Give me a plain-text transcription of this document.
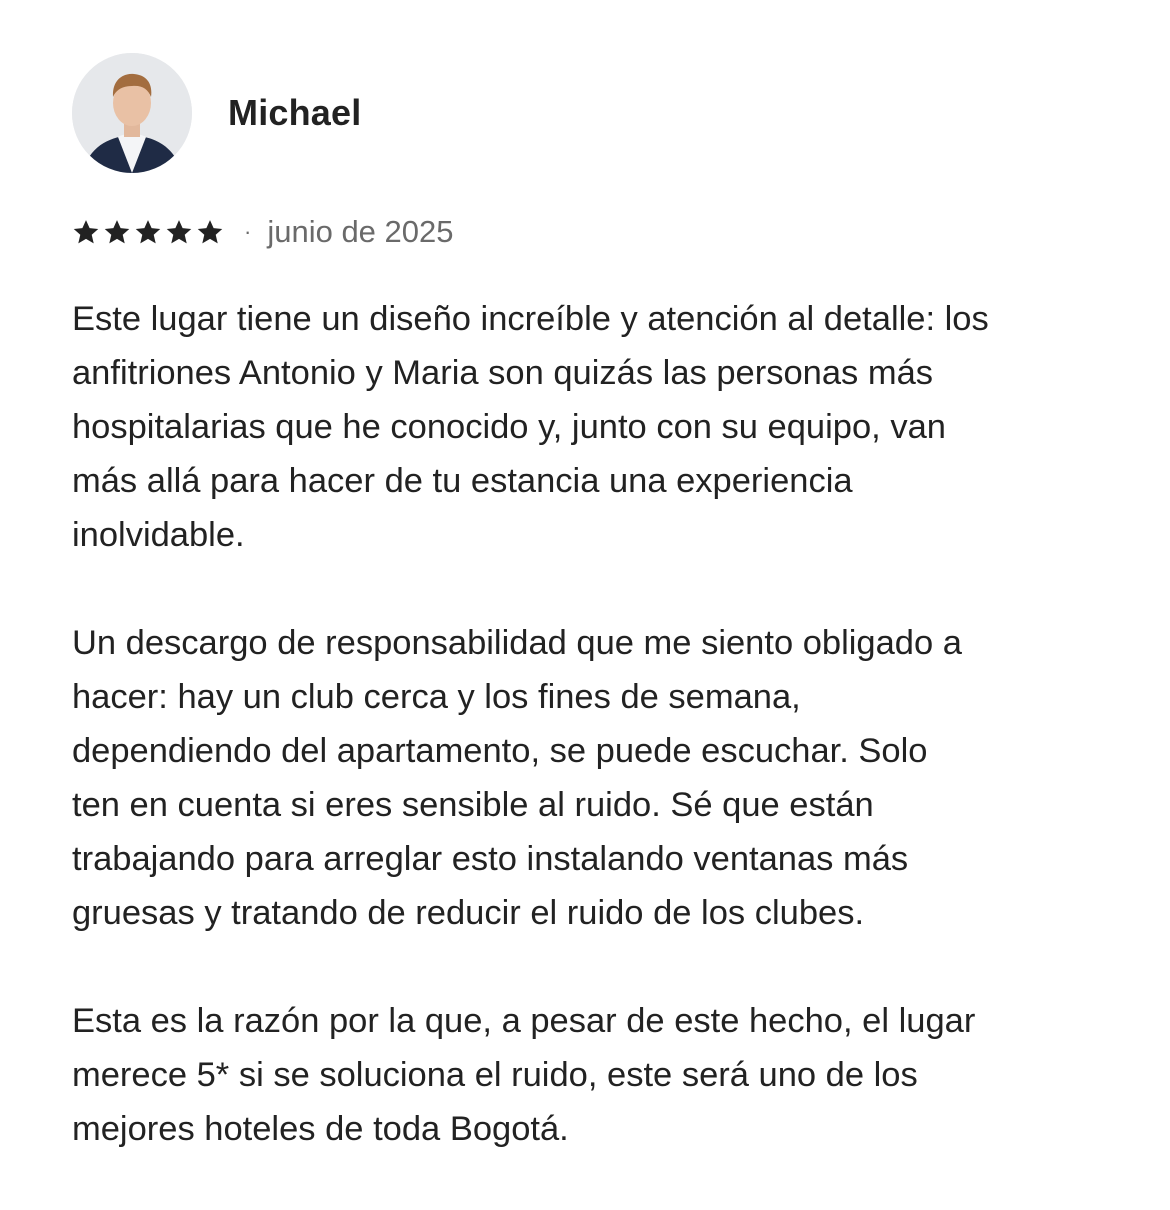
Michael
· junio de 2025

Este lugar tiene un diseño increíble y atención al detalle: los
anfitriones Antonio y Maria son quizás las personas más
hospitalarias que he conocido y, junto con su equipo, van
más allá para hacer de tu estancia una experiencia
inolvidable.

Un descargo de responsabilidad que me siento obligado a
hacer: hay un club cerca y los fines de semana,
dependiendo del apartamento, se puede escuchar. Solo
ten en cuenta si eres sensible al ruido. Sé que están
trabajando para arreglar esto instalando ventanas más
gruesas y tratando de reducir el ruido de los clubes.

Esta es la razón por la que, a pesar de este hecho, el lugar
merece 5* si se soluciona el ruido, este será uno de los
mejores hoteles de toda Bogotá.
